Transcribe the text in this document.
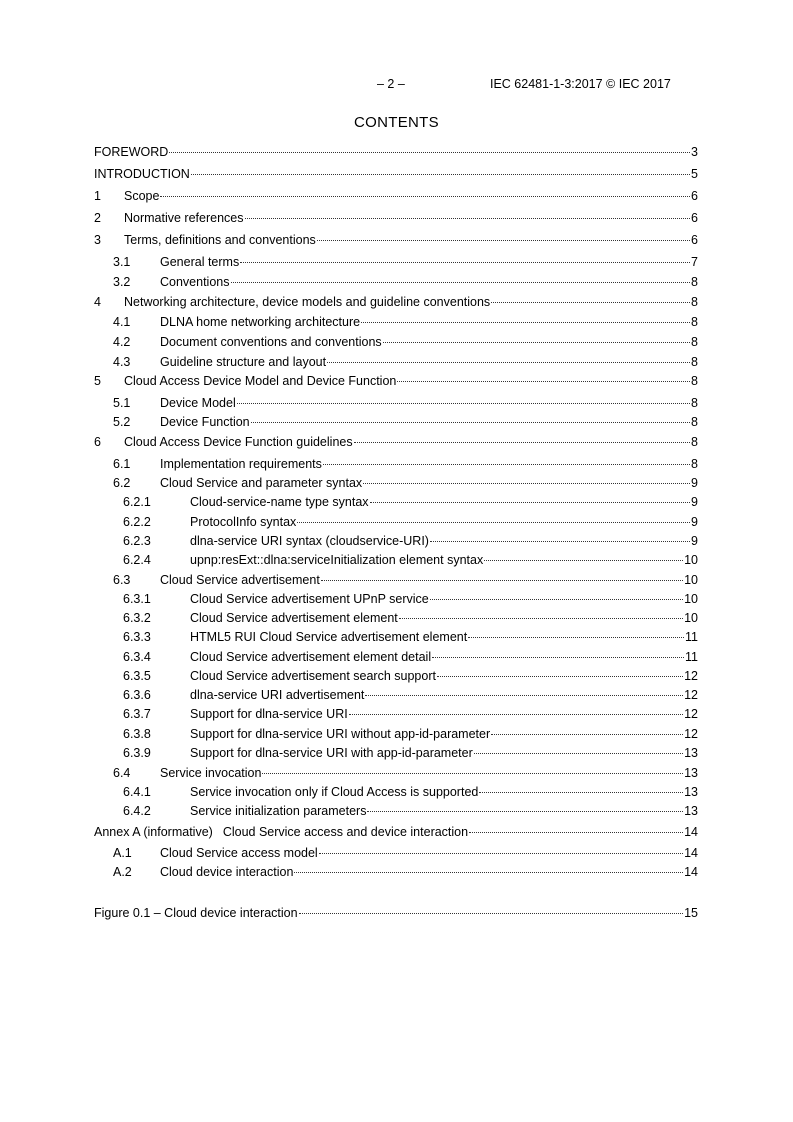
– 2 –	IEC 62481-1-3:2017 © IEC 2017
CONTENTS
FOREWORD	3
INTRODUCTION	5
1	Scope	6
2	Normative references	6
3	Terms, definitions and conventions	6
3.1	General terms	7
3.2	Conventions	8
4	Networking architecture, device models and guideline conventions	8
4.1	DLNA home networking architecture	8
4.2	Document conventions and conventions	8
4.3	Guideline structure and layout	8
5	Cloud Access Device Model and Device Function	8
5.1	Device Model	8
5.2	Device Function	8
6	Cloud Access Device Function guidelines	8
6.1	Implementation requirements	8
6.2	Cloud Service and parameter syntax	9
6.2.1	Cloud-service-name type syntax	9
6.2.2	ProtocolInfo syntax	9
6.2.3	dlna-service URI syntax (cloudservice-URI)	9
6.2.4	upnp:resExt::dlna:serviceInitialization element syntax	10
6.3	Cloud Service advertisement	10
6.3.1	Cloud Service advertisement UPnP service	10
6.3.2	Cloud Service advertisement element	10
6.3.3	HTML5 RUI Cloud Service advertisement element	11
6.3.4	Cloud Service advertisement element detail	11
6.3.5	Cloud Service advertisement search support	12
6.3.6	dlna-service URI advertisement	12
6.3.7	Support for dlna-service URI	12
6.3.8	Support for dlna-service URI without app-id-parameter	12
6.3.9	Support for dlna-service URI with app-id-parameter	13
6.4	Service invocation	13
6.4.1	Service invocation only if Cloud Access is supported	13
6.4.2	Service initialization parameters	13
Annex A (informative) Cloud Service access and device interaction	14
A.1	Cloud Service access model	14
A.2	Cloud device interaction	14
Figure 0.1 – Cloud device interaction	15
